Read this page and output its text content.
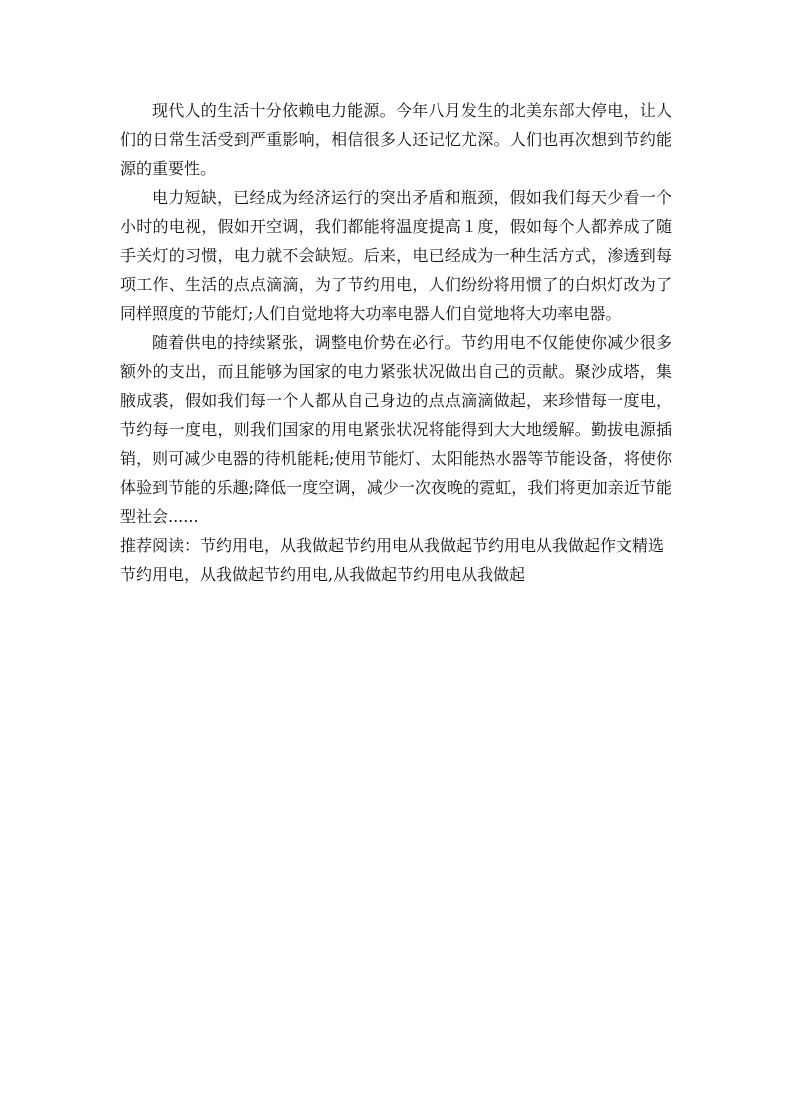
现代人的生活十分依赖电力能源。今年八月发生的北美东部大停电，让人们的日常生活受到严重影响，相信很多人还记忆尤深。人们也再次想到节约能源的重要性。

电力短缺，已经成为经济运行的突出矛盾和瓶颈，假如我们每天少看一个小时的电视，假如开空调，我们都能将温度提高１度，假如每个人都养成了随手关灯的习惯，电力就不会缺短。后来，电已经成为一种生活方式，渗透到每项工作、生活的点点滴滴，为了节约用电，人们纷纷将用惯了的白炽灯改为了同样照度的节能灯;人们自觉地将大功率电器人们自觉地将大功率电器。

随着供电的持续紧张，调整电价势在必行。节约用电不仅能使你减少很多额外的支出，而且能够为国家的电力紧张状况做出自己的贡献。聚沙成塔，集腋成裘，假如我们每一个人都从自己身边的点点滴滴做起，来珍惜每一度电，节约每一度电，则我们国家的用电紧张状况将能得到大大地缓解。勤拔电源插销，则可减少电器的待机能耗;使用节能灯、太阳能热水器等节能设备，将使你体验到节能的乐趣;降低一度空调，减少一次夜晚的霓虹，我们将更加亲近节能型社会......

推荐阅读：节约用电，从我做起节约用电从我做起节约用电从我做起作文精选节约用电，从我做起节约用电,从我做起节约用电从我做起
